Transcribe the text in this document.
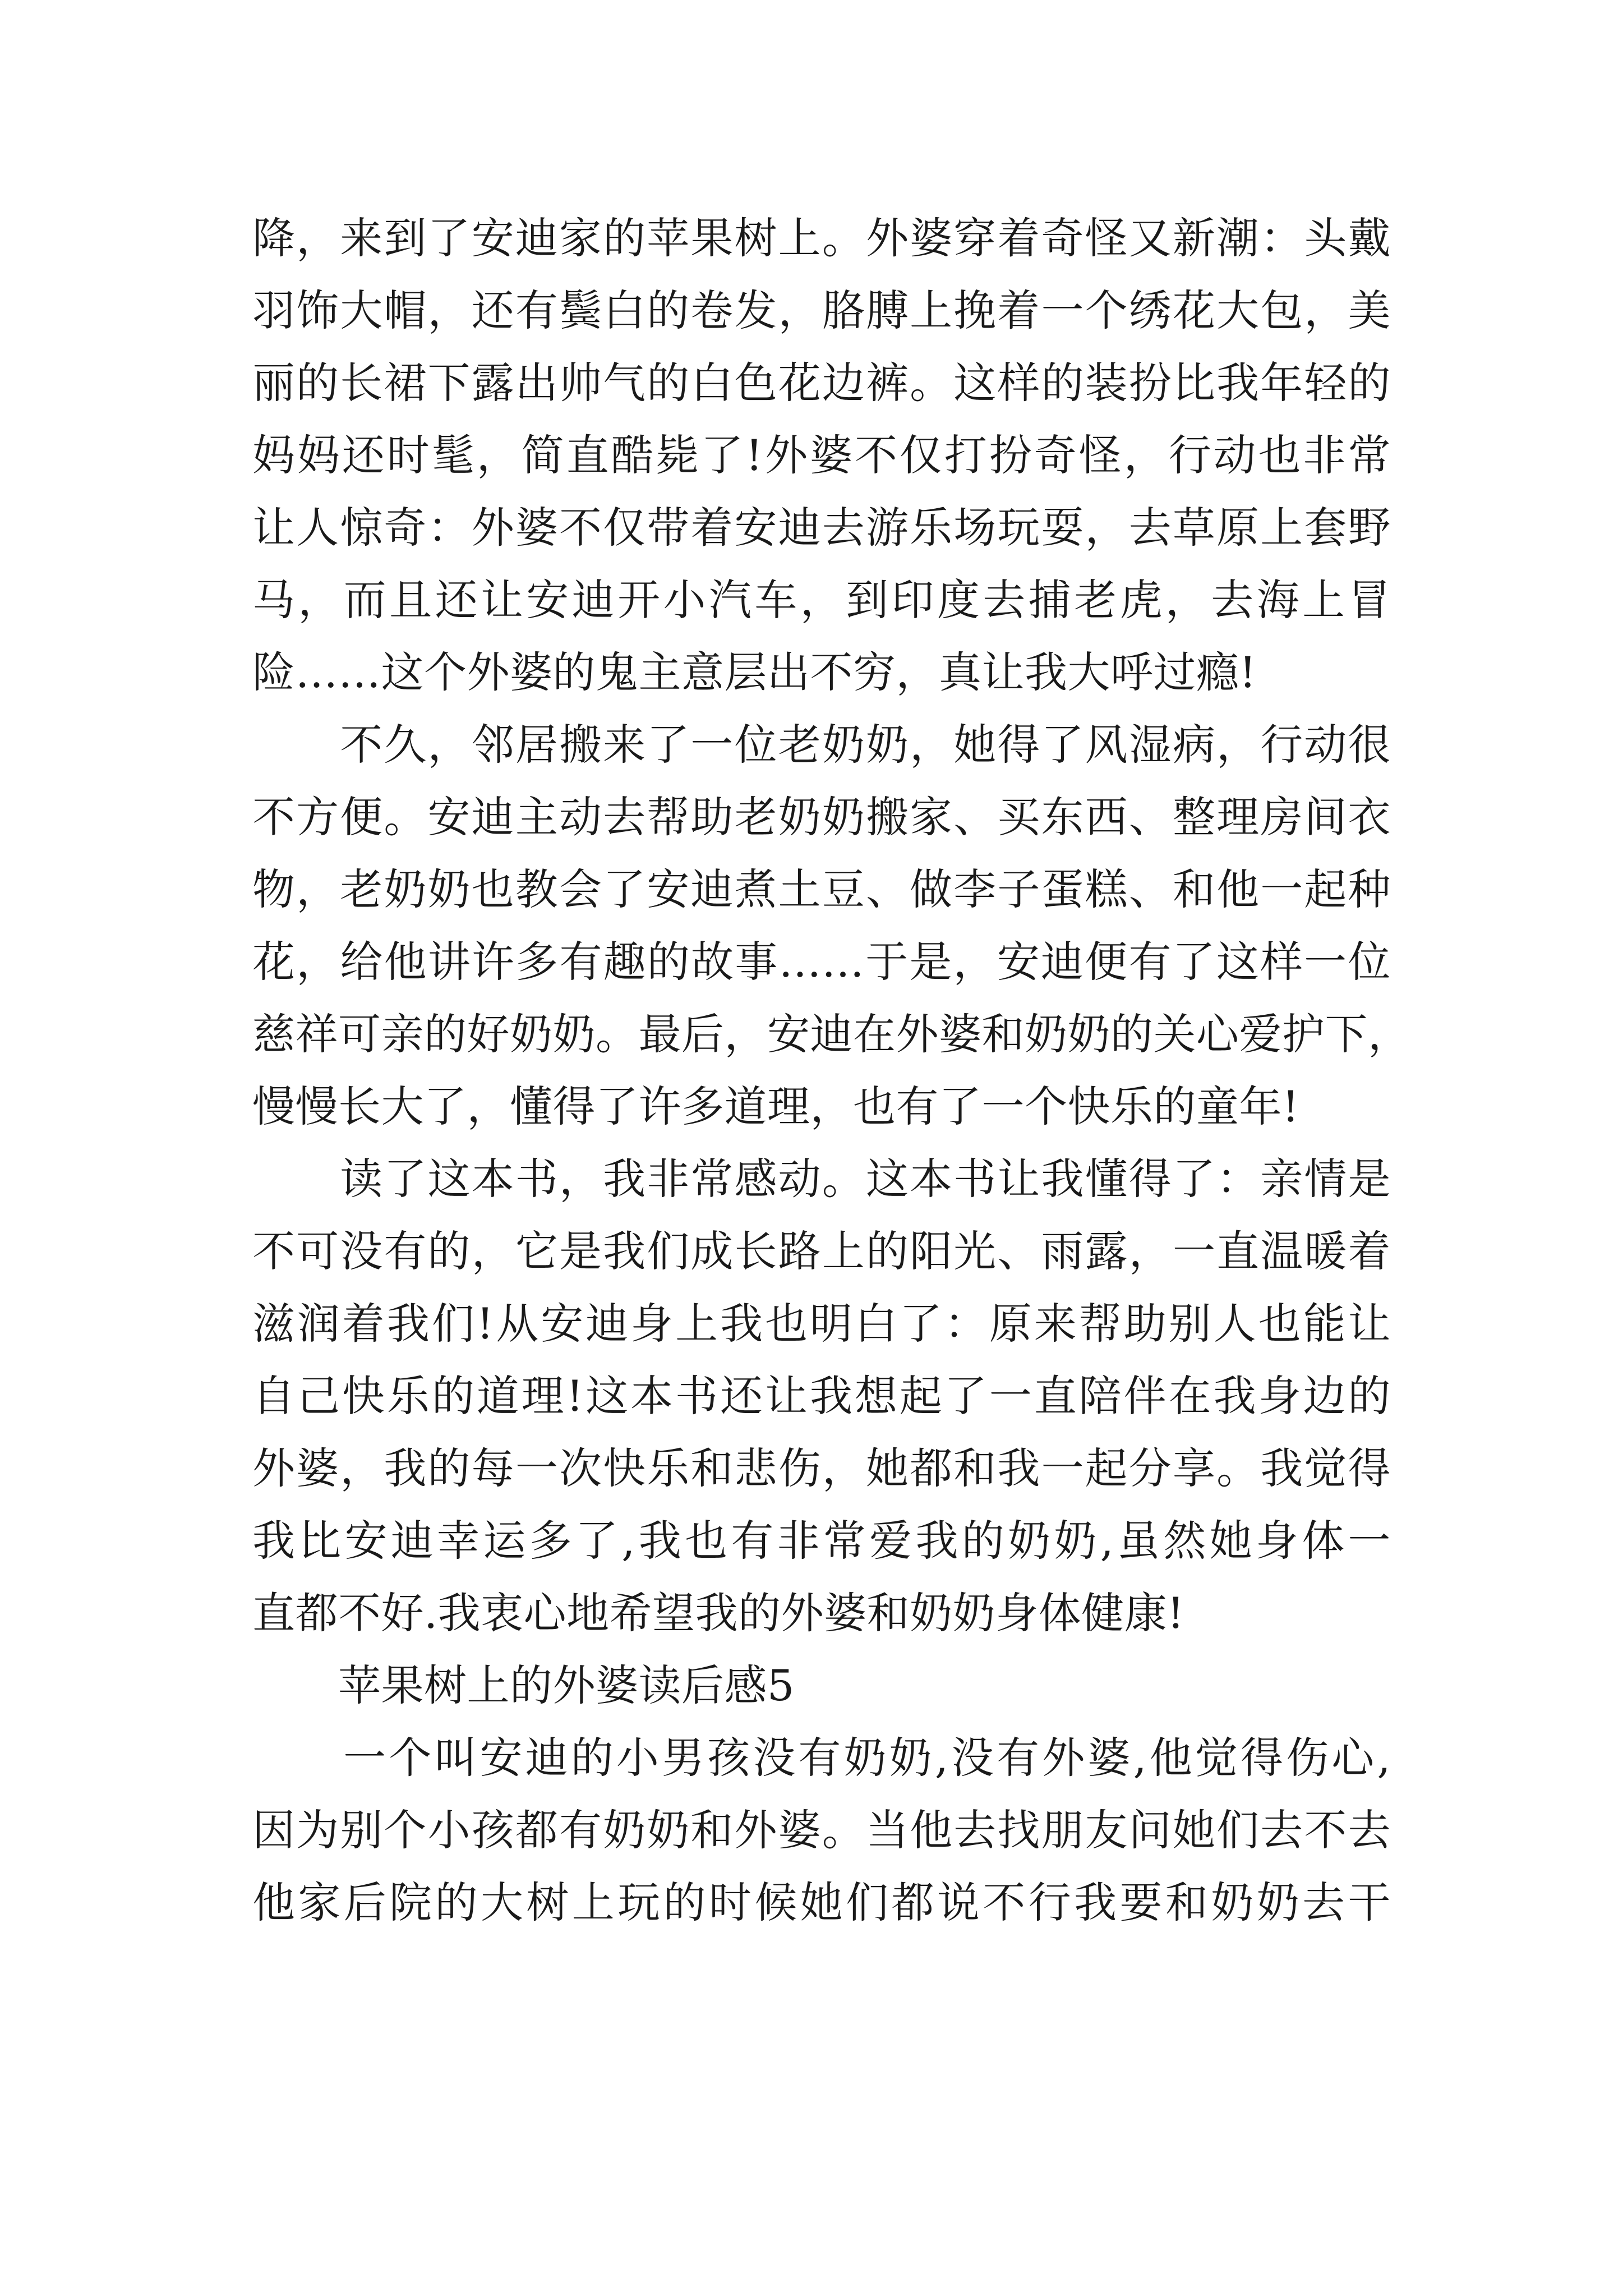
降，来到了安迪家的苹果树上。外婆穿着奇怪又新潮：头戴
羽饰大帽，还有鬓白的卷发，胳膊上挽着一个绣花大包，美
丽的长裙下露出帅气的白色花边裤。这样的装扮比我年轻的
妈妈还时髦，简直酷毙了!外婆不仅打扮奇怪，行动也非常
让人惊奇：外婆不仅带着安迪去游乐场玩耍，去草原上套野
马，而且还让安迪开小汽车，到印度去捕老虎，去海上冒
险……这个外婆的鬼主意层出不穷，真让我大呼过瘾!
　　不久，邻居搬来了一位老奶奶，她得了风湿病，行动很
不方便。安迪主动去帮助老奶奶搬家、买东西、整理房间衣
物，老奶奶也教会了安迪煮土豆、做李子蛋糕、和他一起种
花，给他讲许多有趣的故事……于是，安迪便有了这样一位
慈祥可亲的好奶奶。最后，安迪在外婆和奶奶的关心爱护下，
慢慢长大了，懂得了许多道理，也有了一个快乐的童年!
　　读了这本书，我非常感动。这本书让我懂得了：亲情是
不可没有的，它是我们成长路上的阳光、雨露，一直温暖着
滋润着我们!从安迪身上我也明白了：原来帮助别人也能让
自己快乐的道理!这本书还让我想起了一直陪伴在我身边的
外婆，我的每一次快乐和悲伤，她都和我一起分享。我觉得
我比安迪幸运多了,我也有非常爱我的奶奶,虽然她身体一
直都不好.我衷心地希望我的外婆和奶奶身体健康!
　　苹果树上的外婆读后感5
　　一个叫安迪的小男孩没有奶奶,没有外婆,他觉得伤心,
因为别个小孩都有奶奶和外婆。当他去找朋友问她们去不去
他家后院的大树上玩的时候她们都说不行我要和奶奶去干
